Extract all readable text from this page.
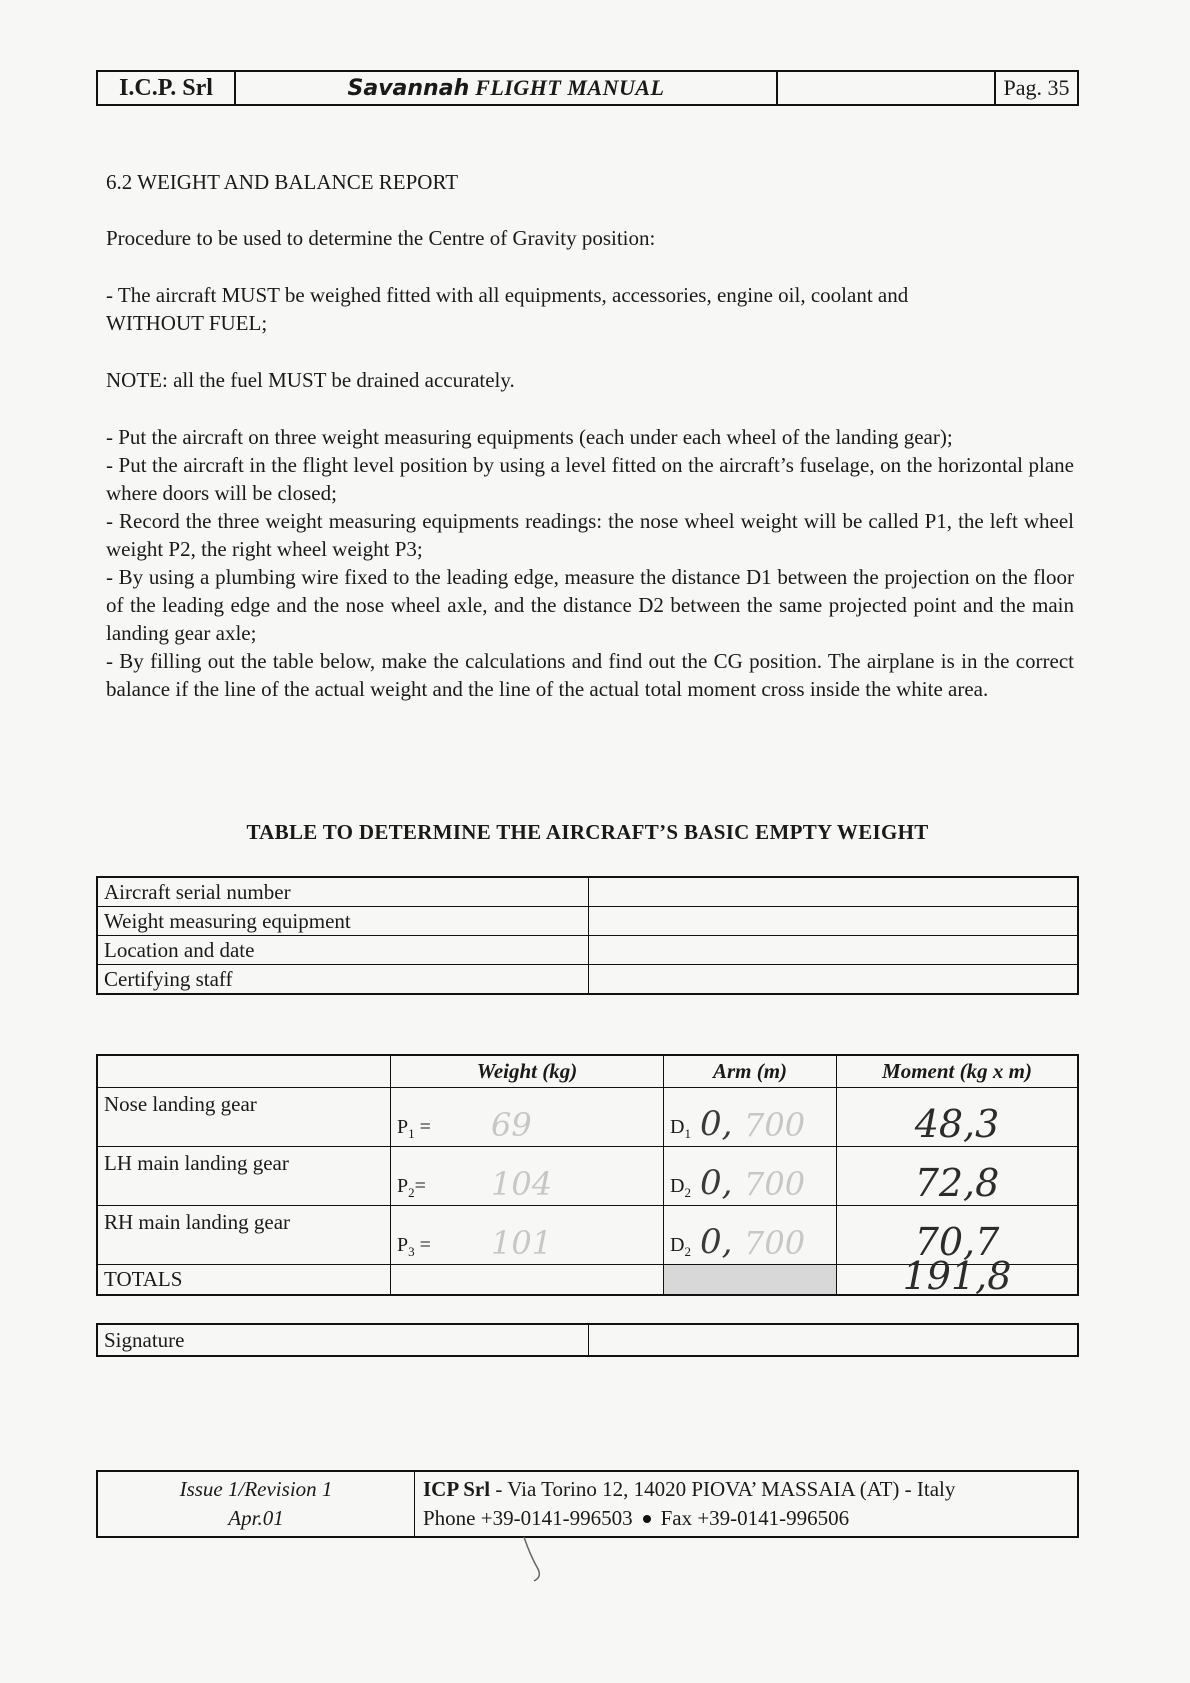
I.C.P. Srl	Savannah FLIGHT MANUAL	Pag. 35

6.2 WEIGHT AND BALANCE REPORT

Procedure to be used to determine the Centre of Gravity position:

- The aircraft MUST be weighed fitted with all equipments, accessories, engine oil, coolant and WITHOUT FUEL;

NOTE: all the fuel MUST be drained accurately.

- Put the aircraft on three weight measuring equipments (each under each wheel of the landing gear);
- Put the aircraft in the flight level position by using a level fitted on the aircraft’s fuselage, on the horizontal plane where doors will be closed;
- Record the three weight measuring equipments readings: the nose wheel weight will be called P1, the left wheel weight P2, the right wheel weight P3;
- By using a plumbing wire fixed to the leading edge, measure the distance D1 between the projection on the floor of the leading edge and the nose wheel axle, and the distance D2 between the same projected point and the main landing gear axle;
- By filling out the table below, make the calculations and find out the CG position. The airplane is in the correct balance if the line of the actual weight and the line of the actual total moment cross inside the white area.
TABLE TO DETERMINE THE AIRCRAFT’S BASIC EMPTY WEIGHT
Aircraft serial number	
Weight measuring equipment	
Location and date	
Certifying staff	
	Weight (kg)	Arm (m)	Moment (kg x m)
Nose landing gear	$P_1 = 69$	$D_1$ 0, 700	48,3

LH main landing gear	$P_2= 104$	$D_2$ 0, 700	72,8

RH main landing gear	$P_3 = 101$	$D_2$ 0, 700	70,7

TOTALS			191,8
Signature	
Issue 1/Revision 1
Apr.01

ICP Srl - Via Torino 12, 14020 PIOVA’ MASSAIA (AT) - Italy
Phone +39-0141-996503 Fax +39-0141-996506
